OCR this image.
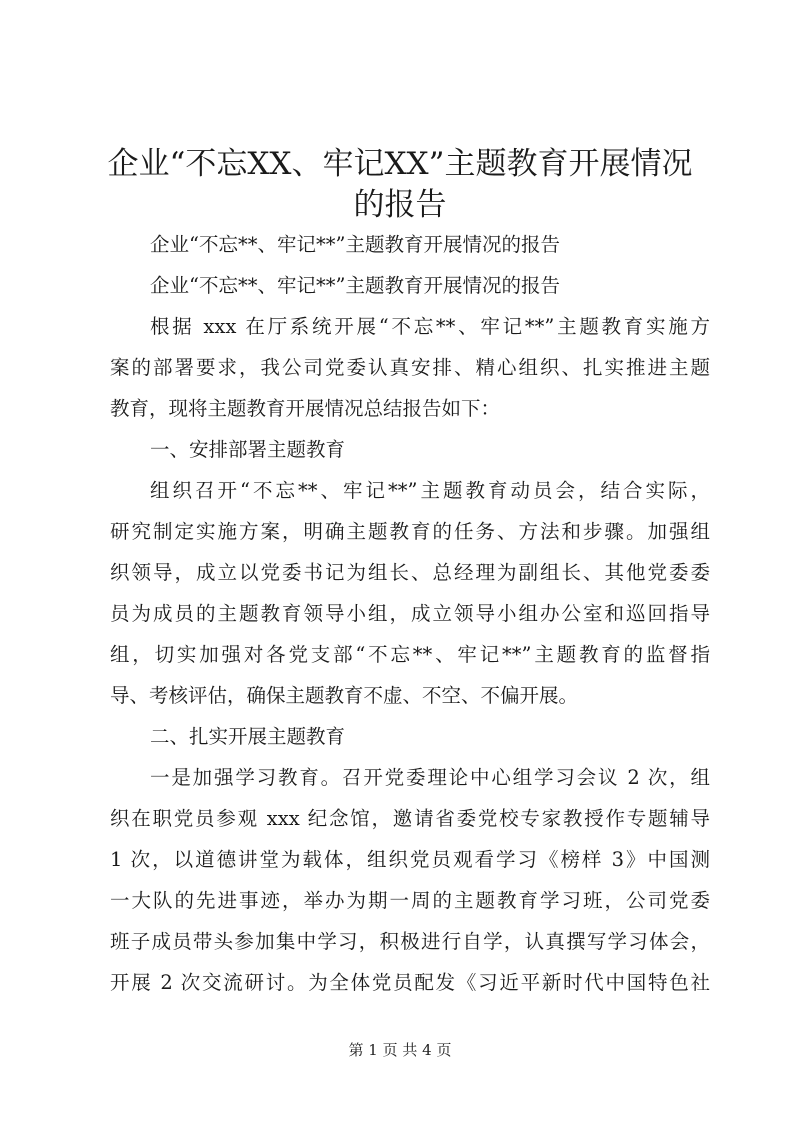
企业“不忘XX、牢记XX”主题教育开展情况
的报告
企业“不忘**、牢记**”主题教育开展情况的报告
企业“不忘**、牢记**”主题教育开展情况的报告
根据 xxx 在厅系统开展“不忘**、牢记**”主题教育实施方
案的部署要求，我公司党委认真安排、精心组织、扎实推进主题
教育，现将主题教育开展情况总结报告如下：
一、安排部署主题教育
组织召开“不忘**、牢记**”主题教育动员会，结合实际，
研究制定实施方案，明确主题教育的任务、方法和步骤。加强组
织领导，成立以党委书记为组长、总经理为副组长、其他党委委
员为成员的主题教育领导小组，成立领导小组办公室和巡回指导
组，切实加强对各党支部“不忘**、牢记**”主题教育的监督指
导、考核评估，确保主题教育不虚、不空、不偏开展。
二、扎实开展主题教育
一是加强学习教育。召开党委理论中心组学习会议 2 次，组
织在职党员参观 xxx 纪念馆，邀请省委党校专家教授作专题辅导
1 次，以道德讲堂为载体，组织党员观看学习《榜样 3》中国测
一大队的先进事迹，举办为期一周的主题教育学习班，公司党委
班子成员带头参加集中学习，积极进行自学，认真撰写学习体会，
开展 2 次交流研讨。为全体党员配发《习近平新时代中国特色社
第 1 页 共 4 页
